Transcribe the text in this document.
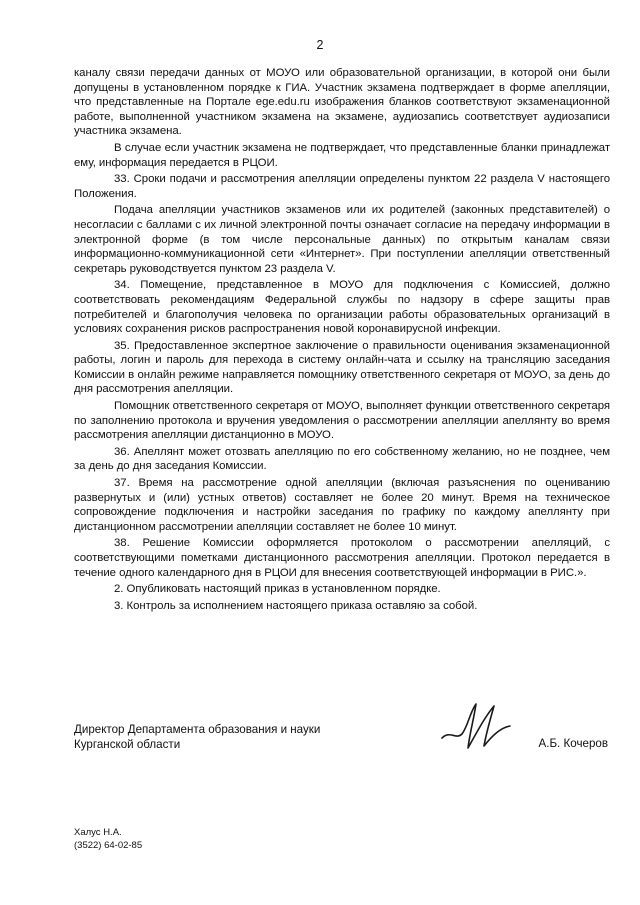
2

каналу связи передачи данных от МОУО или образовательной организации, в которой они были допущены в установленном порядке к ГИА. Участник экзамена подтверждает в форме апелляции, что представленные на Портале ege.edu.ru изображения бланков соответствуют экзаменационной работе, выполненной участником экзамена на экзамене, аудиозапись соответствует аудиозаписи участника экзамена.

В случае если участник экзамена не подтверждает, что представленные бланки принадлежат ему, информация передается в РЦОИ.

33. Сроки подачи и рассмотрения апелляции определены пунктом 22 раздела V настоящего Положения.

Подача апелляции участников экзаменов или их родителей (законных представителей) о несогласии с баллами с их личной электронной почты означает согласие на передачу информации в электронной форме (в том числе персональные данных) по открытым каналам связи информационно-коммуникационной сети «Интернет». При поступлении апелляции ответственный секретарь руководствуется пунктом 23 раздела V.

34. Помещение, представленное в МОУО для подключения с Комиссией, должно соответствовать рекомендациям Федеральной службы по надзору в сфере защиты прав потребителей и благополучия человека по организации работы образовательных организаций в условиях сохранения рисков распространения новой коронавирусной инфекции.

35. Предоставленное экспертное заключение о правильности оценивания экзаменационной работы, логин и пароль для перехода в систему онлайн-чата и ссылку на трансляцию заседания Комиссии в онлайн режиме направляется помощнику ответственного секретаря от МОУО, за день до дня рассмотрения апелляции.

Помощник ответственного секретаря от МОУО, выполняет функции ответственного секретаря по заполнению протокола и вручения уведомления о рассмотрении апелляции апеллянту во время рассмотрения апелляции дистанционно в МОУО.

36. Апеллянт может отозвать апелляцию по его собственному желанию, но не позднее, чем за день до дня заседания Комиссии.

37. Время на рассмотрение одной апелляции (включая разъяснения по оцениванию развернутых и (или) устных ответов) составляет не более 20 минут. Время на техническое сопровождение подключения и настройки заседания по графику по каждому апеллянту при дистанционном рассмотрении апелляции составляет не более 10 минут.

38. Решение Комиссии оформляется протоколом о рассмотрении апелляций, с соответствующими пометками дистанционного рассмотрения апелляции. Протокол передается в течение одного календарного дня в РЦОИ для внесения соответствующей информации в РИС.».

2. Опубликовать настоящий приказ в установленном порядке.

3. Контроль за исполнением настоящего приказа оставляю за собой.

Директор Департамента образования и науки
Курганской области	А.Б. Кочеров
Халус Н.А.
(3522) 64-02-85
